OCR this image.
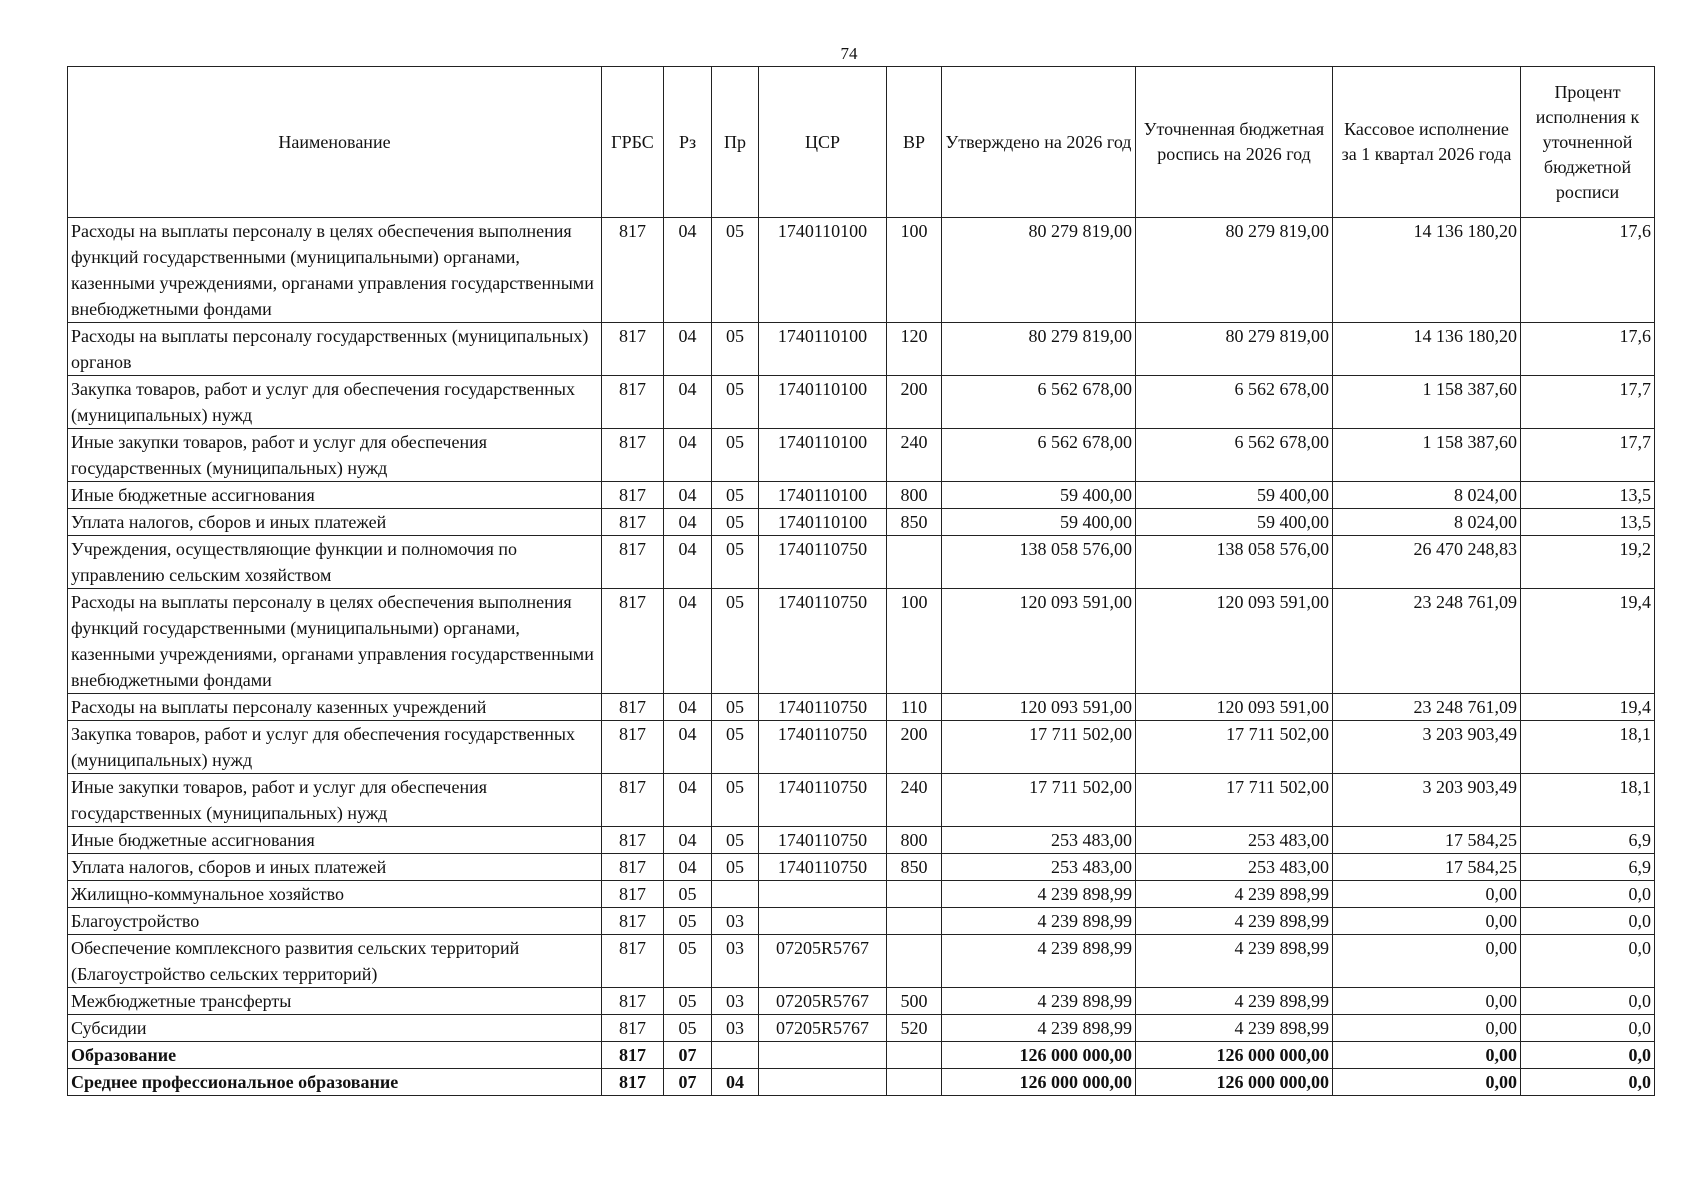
74
Наименование	ГРБС	Рз	Пр	ЦСР	ВР	Утверждено на 2026 год	Уточненная бюджетная роспись на 2026 год	Кассовое исполнение за 1 квартал 2026 года	Процент исполнения к уточненной бюджетной росписи
Расходы на выплаты персоналу в целях обеспечения выполнения функций государственными (муниципальными) органами, казенными учреждениями, органами управления государственными внебюджетными фондами	817	04	05	1740110100	100	80 279 819,00	80 279 819,00	14 136 180,20	17,6
Расходы на выплаты персоналу государственных (муниципальных) органов	817	04	05	1740110100	120	80 279 819,00	80 279 819,00	14 136 180,20	17,6
Закупка товаров, работ и услуг для обеспечения государственных (муниципальных) нужд	817	04	05	1740110100	200	6 562 678,00	6 562 678,00	1 158 387,60	17,7
Иные закупки товаров, работ и услуг для обеспечения государственных (муниципальных) нужд	817	04	05	1740110100	240	6 562 678,00	6 562 678,00	1 158 387,60	17,7
Иные бюджетные ассигнования	817	04	05	1740110100	800	59 400,00	59 400,00	8 024,00	13,5
Уплата налогов, сборов и иных платежей	817	04	05	1740110100	850	59 400,00	59 400,00	8 024,00	13,5
Учреждения, осуществляющие функции и полномочия по управлению сельским хозяйством	817	04	05	1740110750		138 058 576,00	138 058 576,00	26 470 248,83	19,2
Расходы на выплаты персоналу в целях обеспечения выполнения функций государственными (муниципальными) органами, казенными учреждениями, органами управления государственными внебюджетными фондами	817	04	05	1740110750	100	120 093 591,00	120 093 591,00	23 248 761,09	19,4
Расходы на выплаты персоналу казенных учреждений	817	04	05	1740110750	110	120 093 591,00	120 093 591,00	23 248 761,09	19,4
Закупка товаров, работ и услуг для обеспечения государственных (муниципальных) нужд	817	04	05	1740110750	200	17 711 502,00	17 711 502,00	3 203 903,49	18,1
Иные закупки товаров, работ и услуг для обеспечения государственных (муниципальных) нужд	817	04	05	1740110750	240	17 711 502,00	17 711 502,00	3 203 903,49	18,1
Иные бюджетные ассигнования	817	04	05	1740110750	800	253 483,00	253 483,00	17 584,25	6,9
Уплата налогов, сборов и иных платежей	817	04	05	1740110750	850	253 483,00	253 483,00	17 584,25	6,9
Жилищно-коммунальное хозяйство	817	05				4 239 898,99	4 239 898,99	0,00	0,0
Благоустройство	817	05	03			4 239 898,99	4 239 898,99	0,00	0,0
Обеспечение комплексного развития сельских территорий (Благоустройство сельских территорий)	817	05	03	07205R5767		4 239 898,99	4 239 898,99	0,00	0,0
Межбюджетные трансферты	817	05	03	07205R5767	500	4 239 898,99	4 239 898,99	0,00	0,0
Субсидии	817	05	03	07205R5767	520	4 239 898,99	4 239 898,99	0,00	0,0
Образование	817	07				126 000 000,00	126 000 000,00	0,00	0,0
Среднее профессиональное образование	817	07	04			126 000 000,00	126 000 000,00	0,00	0,0
